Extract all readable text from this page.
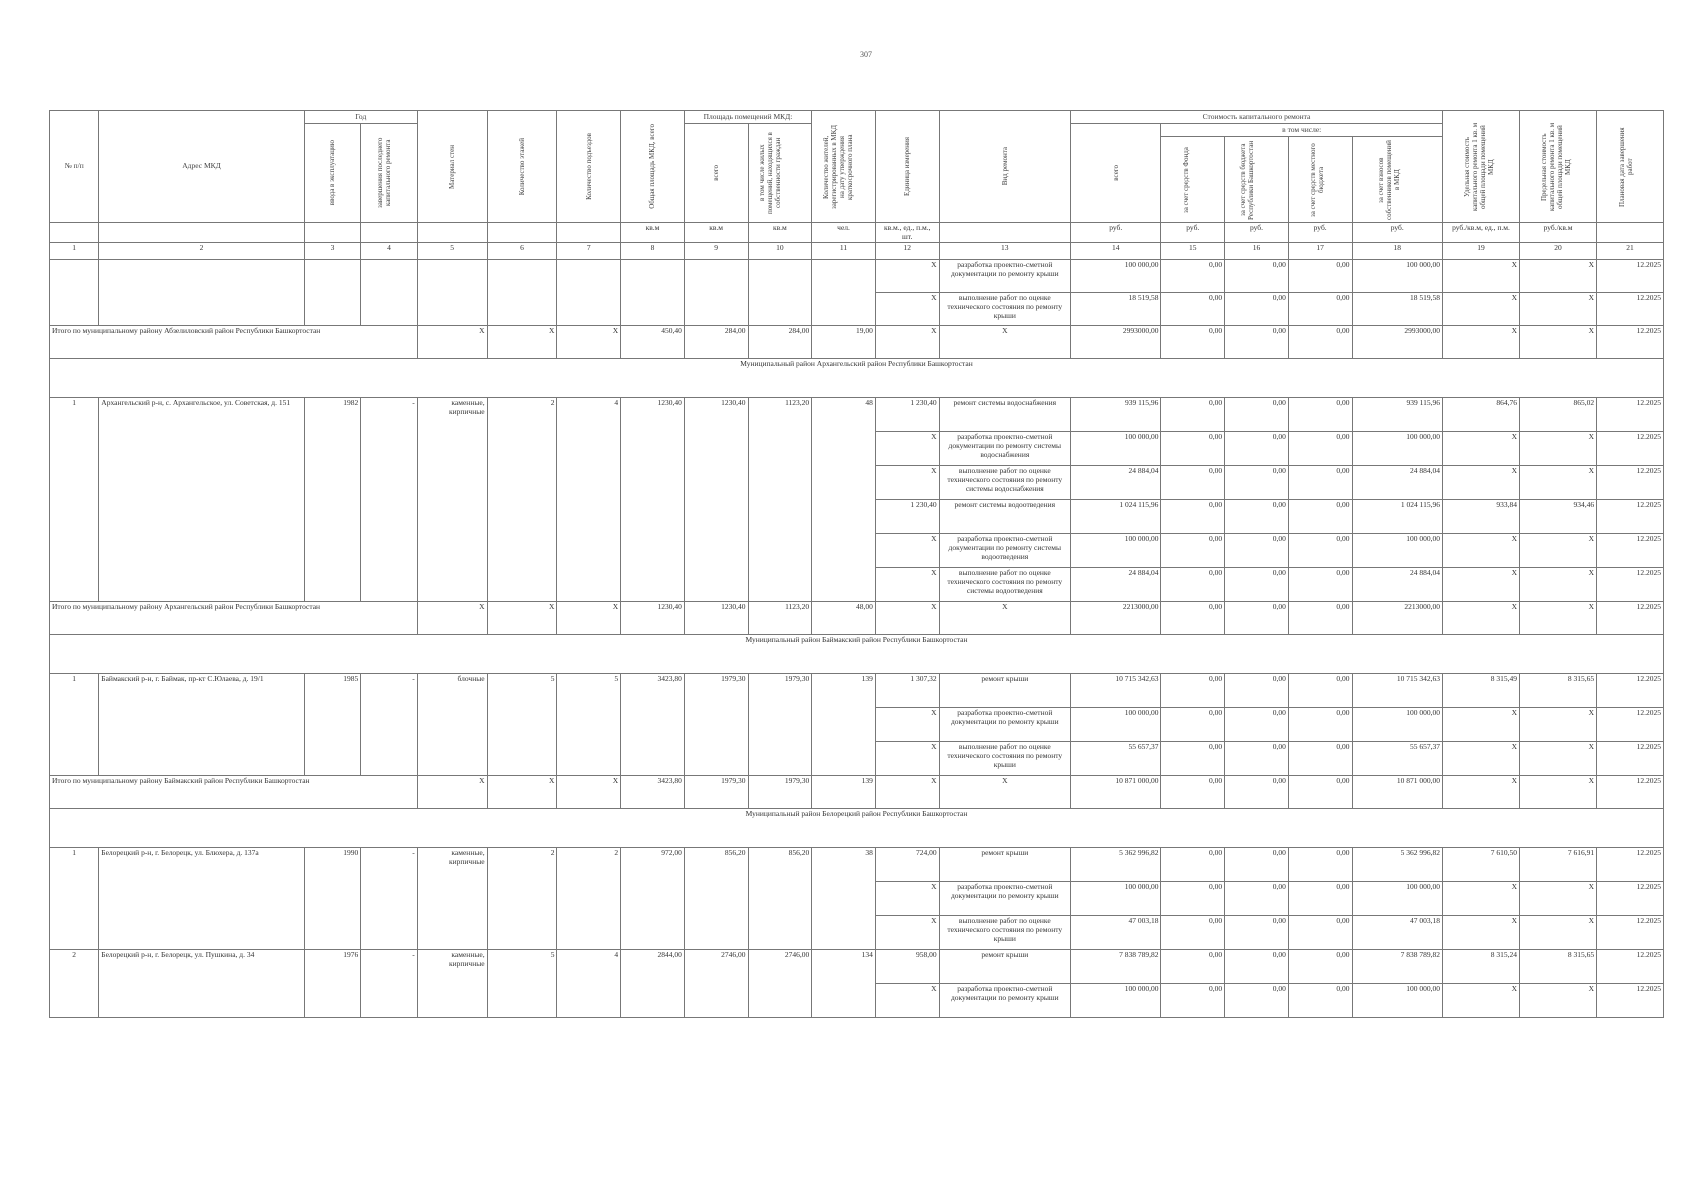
307
№ п/п	Адрес МКД	Год		Материал стен	Количество этажей	Количество подъездов	Общая площадь МКД, всего	Площадь помещений МКД:		Количество жителей, зарегистрированных в МКД на дату утверждения краткосрочного плана	Единица измерения	Вид ремонта	Стоимость капитального ремонта					Удельная стоимость капитального ремонта 1 кв. м общей площади помещений МКД	Предельная стоимость капитального ремонта 1 кв. м общей площади помещений МКД	Плановая дата завершения работ

		ввода в эксплуатацию	завершения последнего капитального ремонта					всего	в том числе жилых помещений, находящихся в собственности граждан				всего	в том числе:						

														за счет средств Фонда	за счет средств бюджета Республики Башкортостан	за счет средств местного бюджета	за счет взносов собственников помещений в МКД			

							кв.м	кв.м	кв.м	чел.	кв.м., ед., п.м., шт.		руб.	руб.	руб.	руб.	руб.	руб./кв.м, ед., п.м.	руб./кв.м	
1	2	3	4	5	6	7	8	9	10	11	12	13	14	15	16	17	18	19	20	21
											X	разработка проектно-сметной документации по ремонту крыши	100 000,00	0,00	0,00	0,00	100 000,00	X	X	12.2025
											X	выполнение работ по оценке технического состояния по ремонту крыши	18 519,58	0,00	0,00	0,00	18 519,58	X	X	12.2025
Итого по муниципальному району Абзелиловский район Республики Башкортостан				X	X	X	450,40	284,00	284,00	19,00	X	X	2993000,00	0,00	0,00	0,00	2993000,00	X	X	12.2025
Муниципальный район Архангельский район Республики Башкортостан																				
1	Архангельский р-н, с. Архангельское, ул. Советская, д. 151	1982	-	каменные, кирпичные	2	4	1230,40	1230,40	1123,20	48	1 230,40	ремонт системы водоснабжения	939 115,96	0,00	0,00	0,00	939 115,96	864,76	865,02	12.2025
											X	разработка проектно-сметной документации по ремонту системы водоснабжения	100 000,00	0,00	0,00	0,00	100 000,00	X	X	12.2025
											X	выполнение работ по оценке технического состояния по ремонту системы водоснабжения	24 884,04	0,00	0,00	0,00	24 884,04	X	X	12.2025
											1 230,40	ремонт системы водоотведения	1 024 115,96	0,00	0,00	0,00	1 024 115,96	933,84	934,46	12.2025
											X	разработка проектно-сметной документации по ремонту системы водоотведения	100 000,00	0,00	0,00	0,00	100 000,00	X	X	12.2025
											X	выполнение работ по оценке технического состояния по ремонту системы водоотведения	24 884,04	0,00	0,00	0,00	24 884,04	X	X	12.2025
Итого по муниципальному району Архангельский район Республики Башкортостан				X	X	X	1230,40	1230,40	1123,20	48,00	X	X	2213000,00	0,00	0,00	0,00	2213000,00	X	X	12.2025
Муниципальный район Баймакский район Республики Башкортостан																				
1	Баймакский р-н, г. Баймак, пр-кт С.Юлаева, д. 19/1	1985	-	блочные	5	5	3423,80	1979,30	1979,30	139	1 307,32	ремонт крыши	10 715 342,63	0,00	0,00	0,00	10 715 342,63	8 315,49	8 315,65	12.2025
											X	разработка проектно-сметной документации по ремонту крыши	100 000,00	0,00	0,00	0,00	100 000,00	X	X	12.2025
											X	выполнение работ по оценке технического состояния по ремонту крыши	55 657,37	0,00	0,00	0,00	55 657,37	X	X	12.2025
Итого по муниципальному району Баймакский район Республики Башкортостан				X	X	X	3423,80	1979,30	1979,30	139	X	X	10 871 000,00	0,00	0,00	0,00	10 871 000,00	X	X	12.2025
Муниципальный район Белорецкий район Республики Башкортостан																				
1	Белорецкий р-н, г. Белорецк, ул. Блюхера, д. 137а	1990	-	каменные, кирпичные	2	2	972,00	856,20	856,20	38	724,00	ремонт крыши	5 362 996,82	0,00	0,00	0,00	5 362 996,82	7 610,50	7 616,91	12.2025
											X	разработка проектно-сметной документации по ремонту крыши	100 000,00	0,00	0,00	0,00	100 000,00	X	X	12.2025
											X	выполнение работ по оценке технического состояния по ремонту крыши	47 003,18	0,00	0,00	0,00	47 003,18	X	X	12.2025
2	Белорецкий р-н, г. Белорецк, ул. Пушкина, д. 34	1976	-	каменные, кирпичные	5	4	2844,00	2746,00	2746,00	134	958,00	ремонт крыши	7 838 789,82	0,00	0,00	0,00	7 838 789,82	8 315,24	8 315,65	12.2025
											X	разработка проектно-сметной документации по ремонту крыши	100 000,00	0,00	0,00	0,00	100 000,00	X	X	12.2025
